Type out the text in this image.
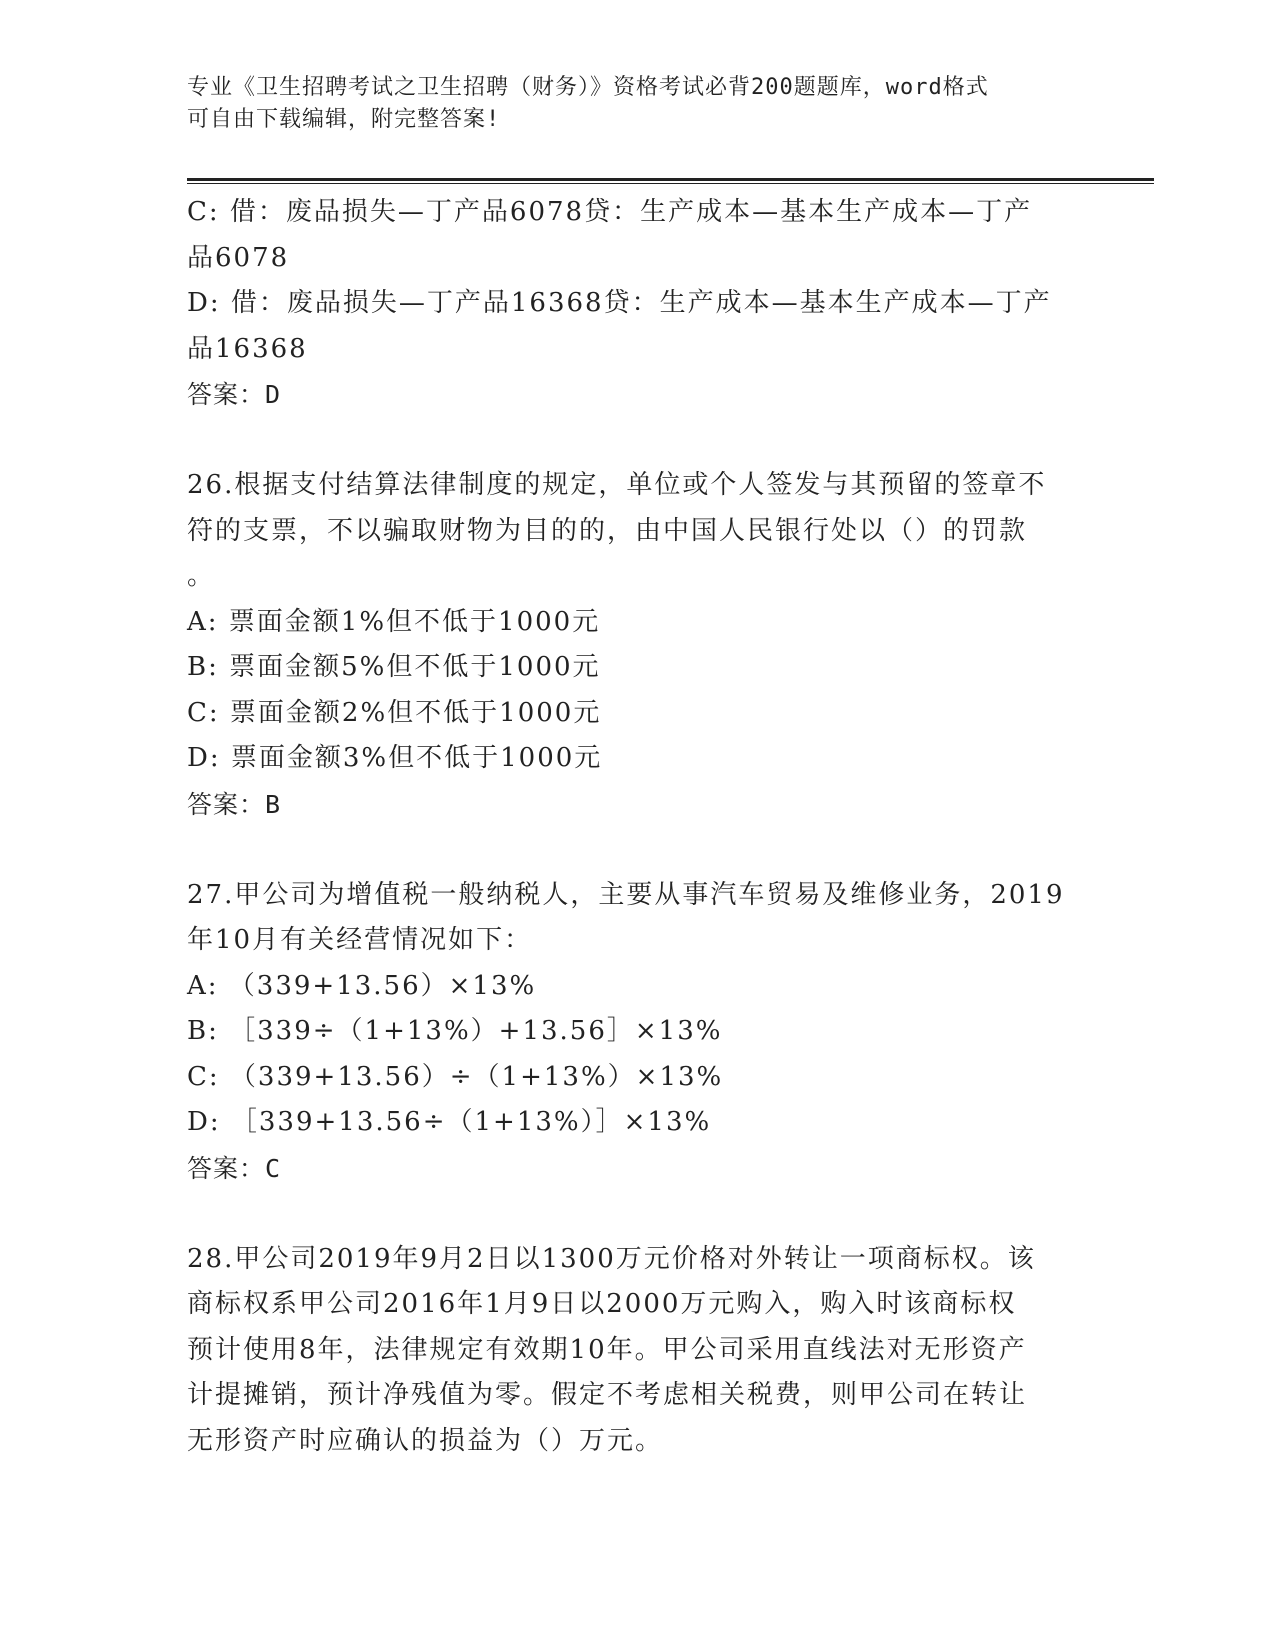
专业《卫生招聘考试之卫生招聘（财务）》资格考试必背200题题库，word格式
可自由下载编辑，附完整答案!
C: 借：废品损失—丁产品6078贷：生产成本—基本生产成本—丁产
品6078
D: 借：废品损失—丁产品16368贷：生产成本—基本生产成本—丁产
品16368
答案：D
26.根据支付结算法律制度的规定，单位或个人签发与其预留的签章不
符的支票，不以骗取财物为目的的，由中国人民银行处以（）的罚款
。
A: 票面金额1%但不低于1000元
B: 票面金额5%但不低于1000元
C: 票面金额2%但不低于1000元
D: 票面金额3%但不低于1000元
答案：B
27.甲公司为增值税一般纳税人，主要从事汽车贸易及维修业务，2019
年10月有关经营情况如下：
A: （339+13.56）×13%
B: ［339÷（1+13%）+13.56］×13%
C: （339+13.56）÷（1+13%）×13%
D: ［339+13.56÷（1+13%）］×13%
答案：C
28.甲公司2019年9月2日以1300万元价格对外转让一项商标权。该
商标权系甲公司2016年1月9日以2000万元购入，购入时该商标权
预计使用8年，法律规定有效期10年。甲公司采用直线法对无形资产
计提摊销，预计净残值为零。假定不考虑相关税费，则甲公司在转让
无形资产时应确认的损益为（）万元。
